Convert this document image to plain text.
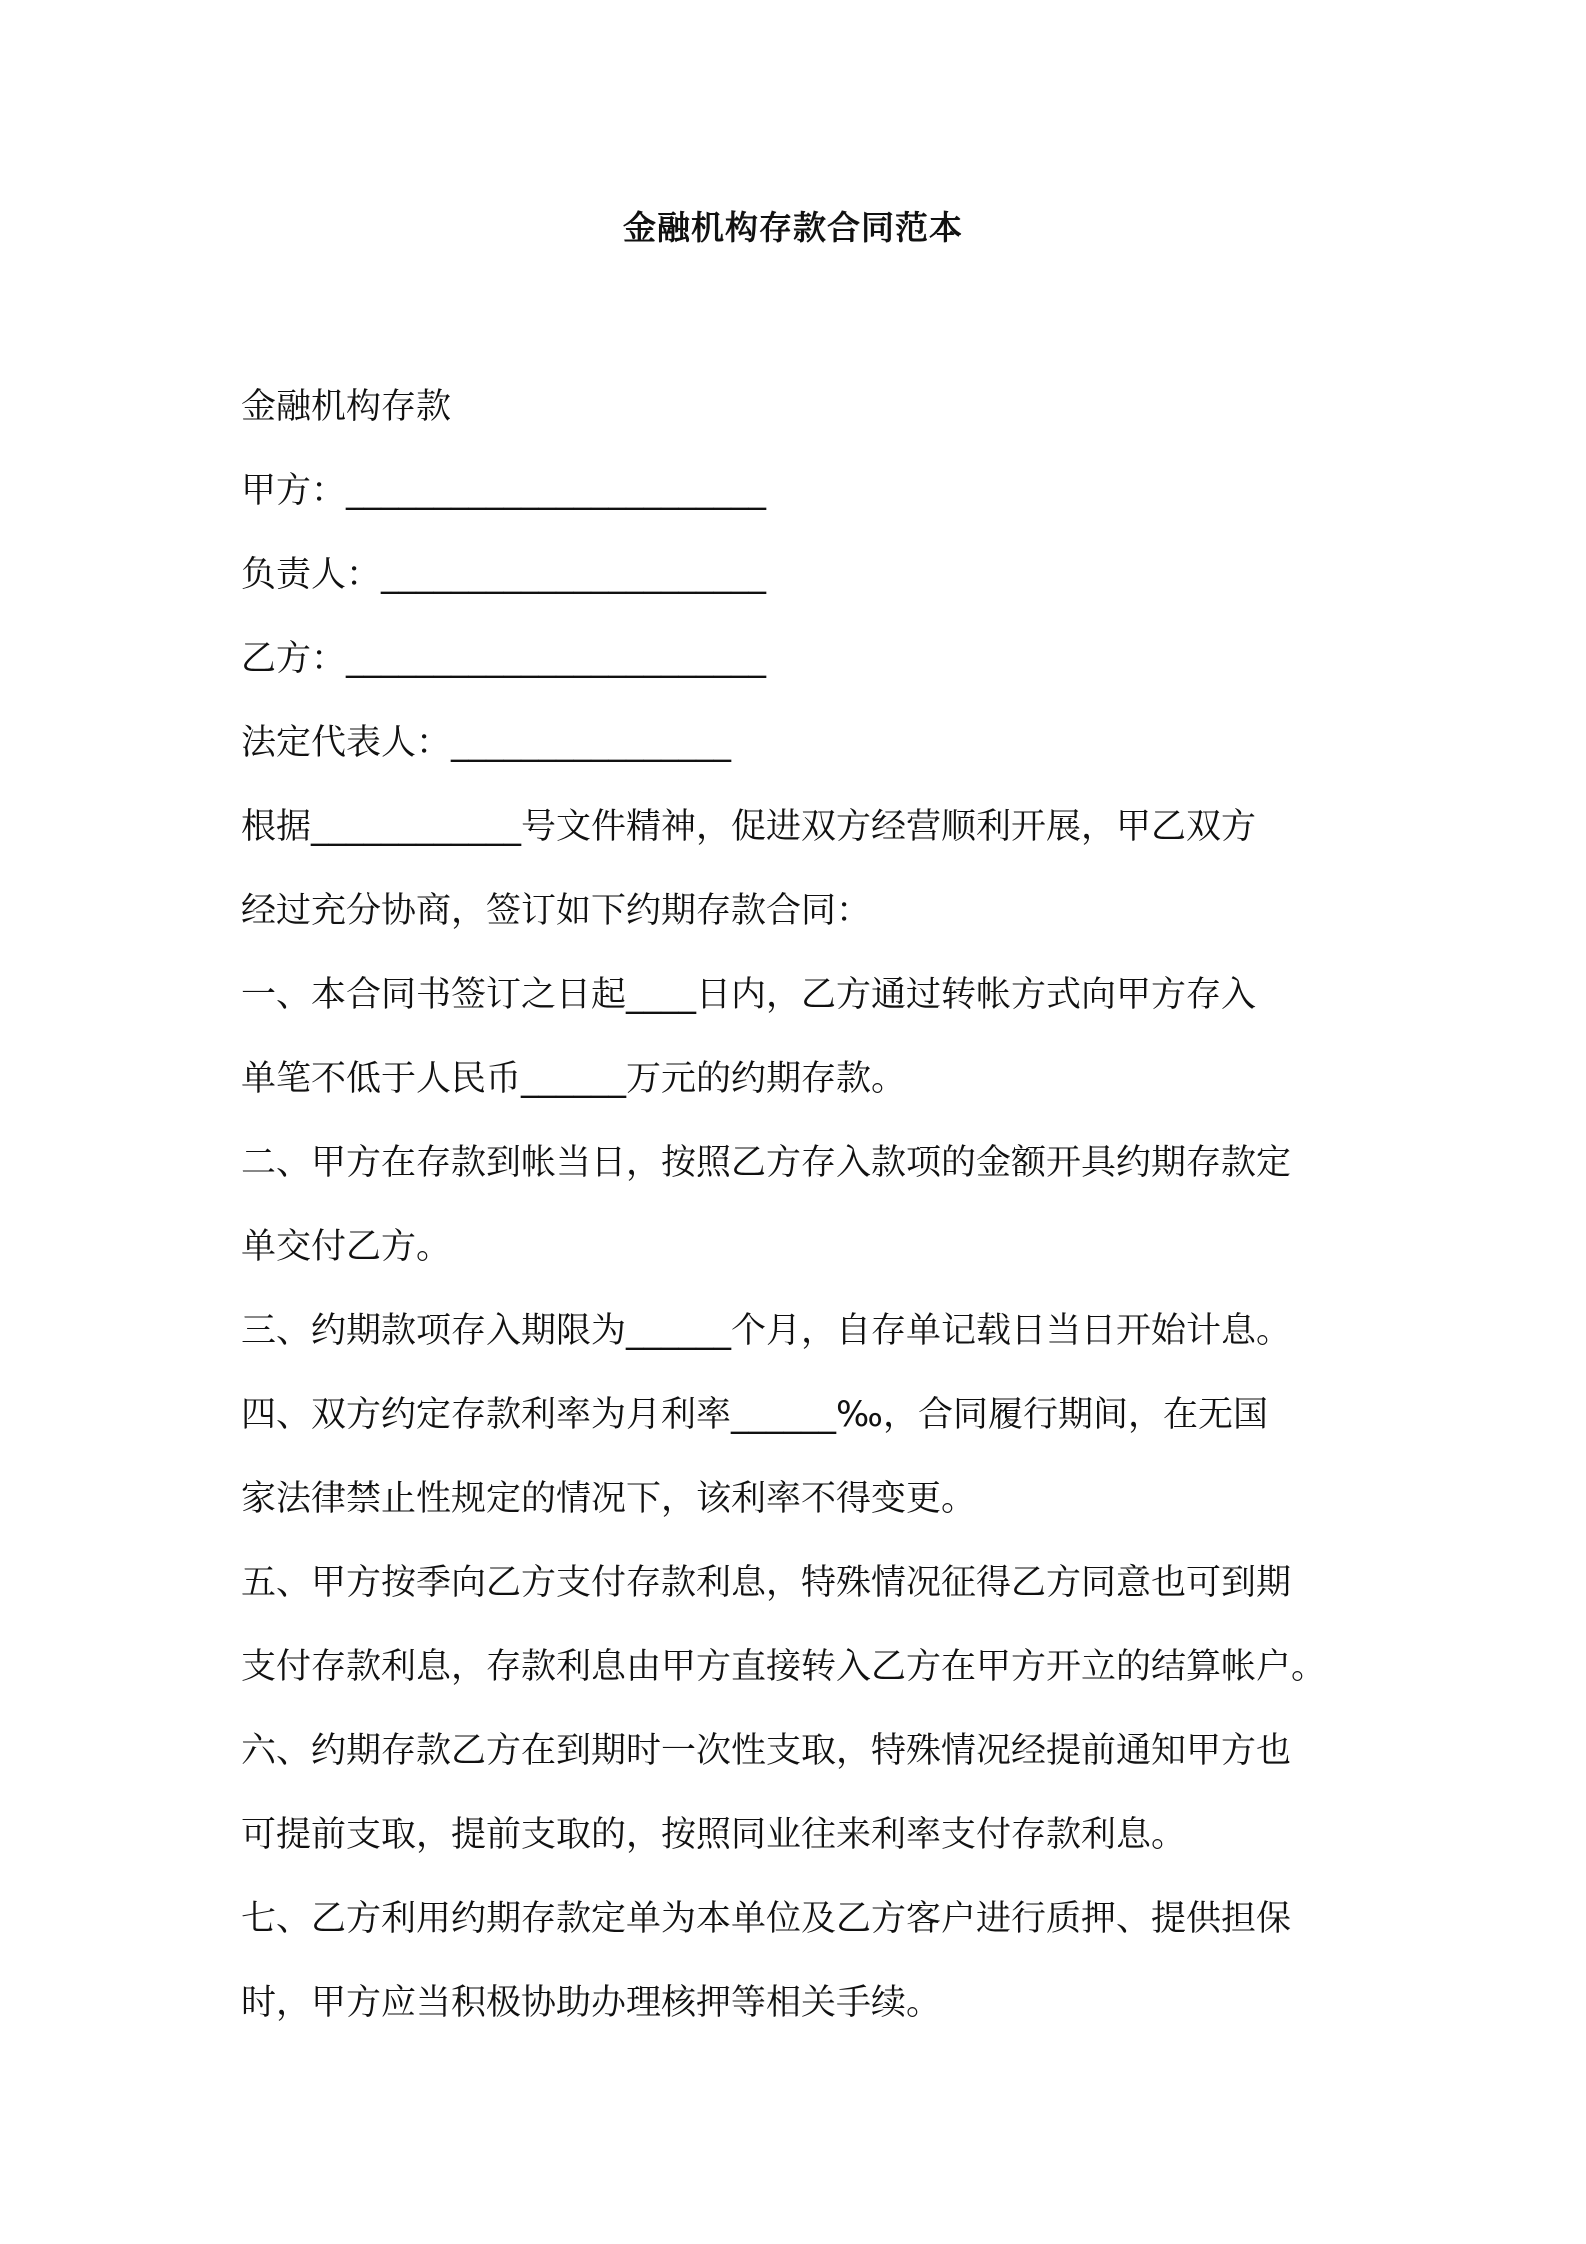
金融机构存款合同范本
金融机构存款
甲方：________________________
负责人：______________________
乙方：________________________
法定代表人：________________
根据____________号文件精神，促进双方经营顺利开展，甲乙双方
经过充分协商，签订如下约期存款合同：
一、本合同书签订之日起____日内，乙方通过转帐方式向甲方存入
单笔不低于人民币______万元的约期存款。
二、甲方在存款到帐当日，按照乙方存入款项的金额开具约期存款定
单交付乙方。
三、约期款项存入期限为______个月，自存单记载日当日开始计息。
四、双方约定存款利率为月利率______‰，合同履行期间，在无国
家法律禁止性规定的情况下，该利率不得变更。
五、甲方按季向乙方支付存款利息，特殊情况征得乙方同意也可到期
支付存款利息，存款利息由甲方直接转入乙方在甲方开立的结算帐户。
六、约期存款乙方在到期时一次性支取，特殊情况经提前通知甲方也
可提前支取，提前支取的，按照同业往来利率支付存款利息。
七、乙方利用约期存款定单为本单位及乙方客户进行质押、提供担保
时，甲方应当积极协助办理核押等相关手续。
